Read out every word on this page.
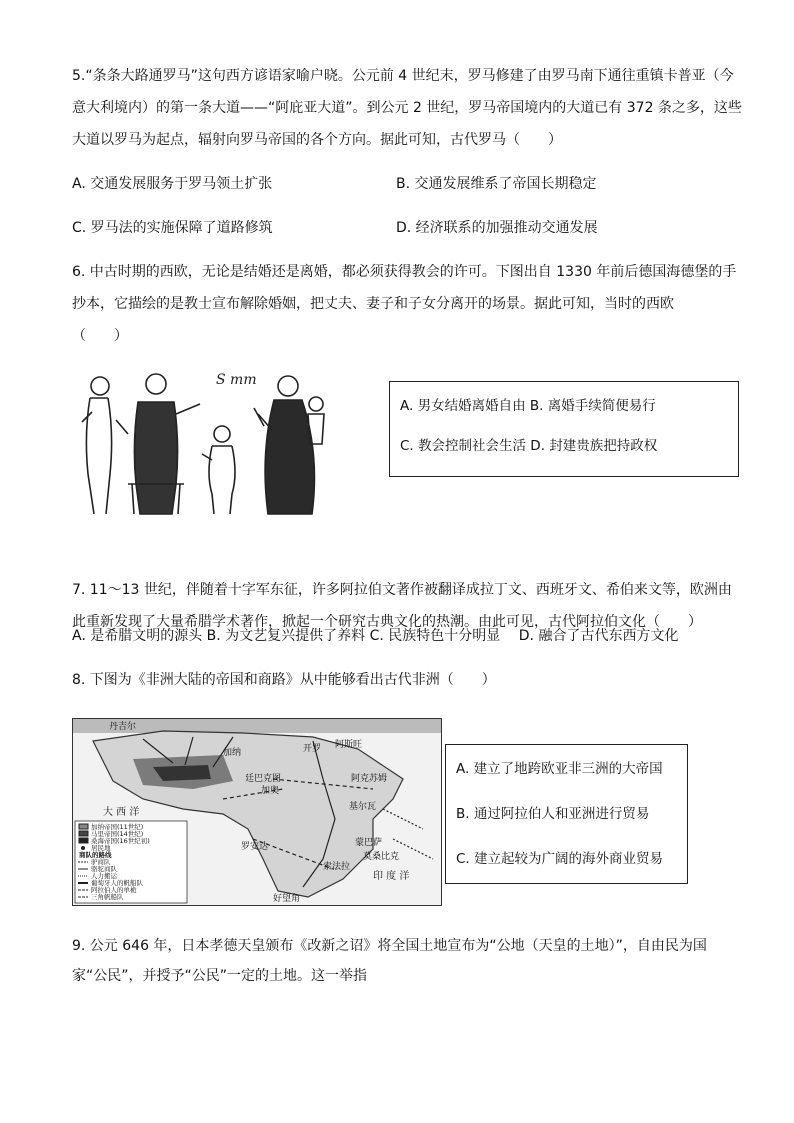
5.“条条大路通罗马”这句西方谚语家喻户晓。公元前 4 世纪末，罗马修建了由罗马南下通往重镇卡普亚（今
意大利境内）的第一条大道——“阿庇亚大道”。到公元 2 世纪，罗马帝国境内的大道已有 372 条之多，这些
大道以罗马为起点，辐射向罗马帝国的各个方向。据此可知，古代罗马（　　）
A. 交通发展服务于罗马领土扩张	B. 交通发展维系了帝国长期稳定
C. 罗马法的实施保障了道路修筑	D. 经济联系的加强推动交通发展
6. 中古时期的西欧，无论是结婚还是离婚，都必须获得教会的许可。下图出自 1330 年前后德国海德堡的手
抄本，它描绘的是教士宣布解除婚姻，把丈夫、妻子和子女分离开的场景。据此可知，当时的西欧
（　　）
S mm
A. 男女结婚离婚自由 B. 离婚手续简便易行
C. 教会控制社会生活 D. 封建贵族把持政权
7. 11～13 世纪，伴随着十字军东征，许多阿拉伯文著作被翻译成拉丁文、西班牙文、希伯来文等，欧洲由
此重新发现了大量希腊学术著作，掀起一个研究古典文化的热潮。由此可见，古代阿拉伯文化（　　）
A. 是希腊文明的源头 B. 为文艺复兴提供了养料 C. 民族特色十分明显　 D. 融合了古代东西方文化
8. 下图为《非洲大陆的帝国和商路》从中能够看出古代非洲（　　）
丹吉尔
加纳	开罗 阿斯旺
廷巴克图
加奥
阿克苏姆
基尔瓦
蒙巴萨
莫桑比克
索法拉
罗安达
大 西 洋
印 度 洋
好望角
加纳帝国(11世纪)
马里帝国(14世纪)
桑海帝国(16世纪初)
居民地
商队的路线
驴商队
骆驼商队
人力搬运
葡萄牙人的帆船队
阿拉伯人的单桅
三角帆船队
A. 建立了地跨欧亚非三洲的大帝国
B. 通过阿拉伯人和亚洲进行贸易
C. 建立起较为广阔的海外商业贸易
9. 公元 646 年，日本孝德天皇颁布《改新之诏》将全国土地宣布为“公地（天皇的土地）”，自由民为国
家“公民”，并授予“公民”一定的土地。这一举指
